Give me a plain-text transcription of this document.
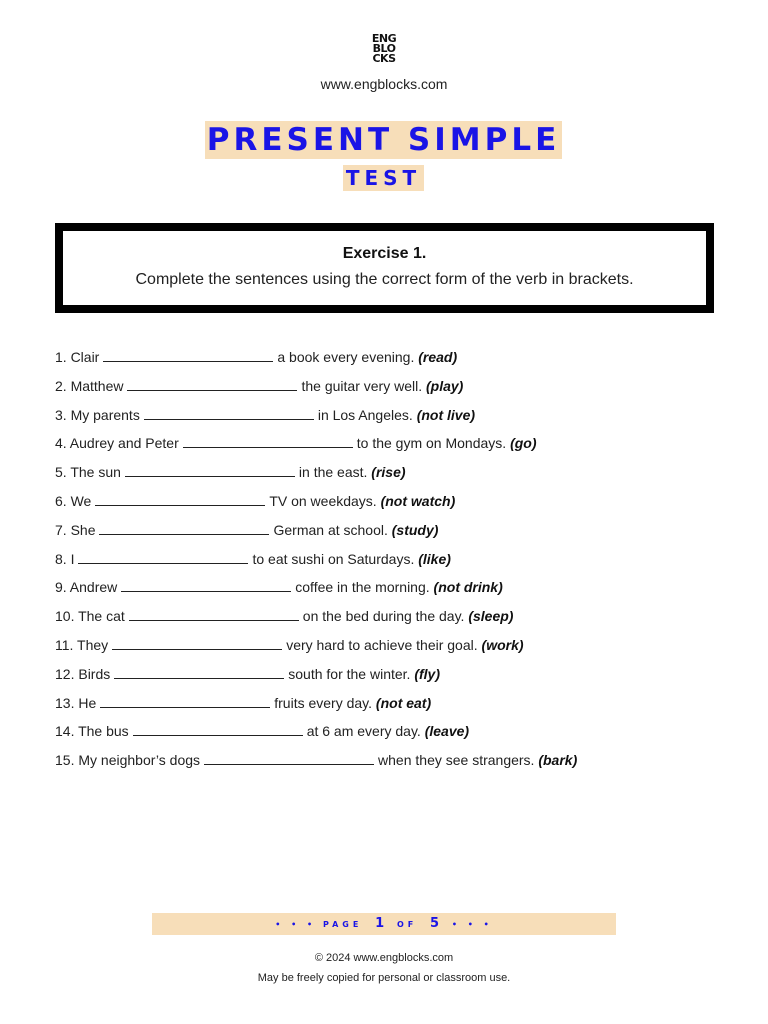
ENG
BLO
CKS
www.engblocks.com
PRESENT SIMPLE
TEST
Exercise 1.
Complete the sentences using the correct form of the verb in brackets.
1. Clair	a book every evening. (read)
2. Matthew	the guitar very well. (play)
3. My parents	in Los Angeles. (not live)
4. Audrey and Peter	to the gym on Mondays. (go)
5. The sun	in the east. (rise)
6. We	TV on weekdays. (not watch)
7. She	German at school. (study)
8. I	to eat sushi on Saturdays. (like)
9. Andrew	coffee in the morning. (not drink)
10. The cat	on the bed during the day. (sleep)
11. They	very hard to achieve their goal. (work)
12. Birds	south for the winter. (fly)
13. He	fruits every day. (not eat)
14. The bus	at 6 am every day. (leave)
15. My neighbor’s dogs	when they see strangers. (bark)
• • • PAGE 1 OF 5 • • •
© 2024 www.engblocks.com
May be freely copied for personal or classroom use.
